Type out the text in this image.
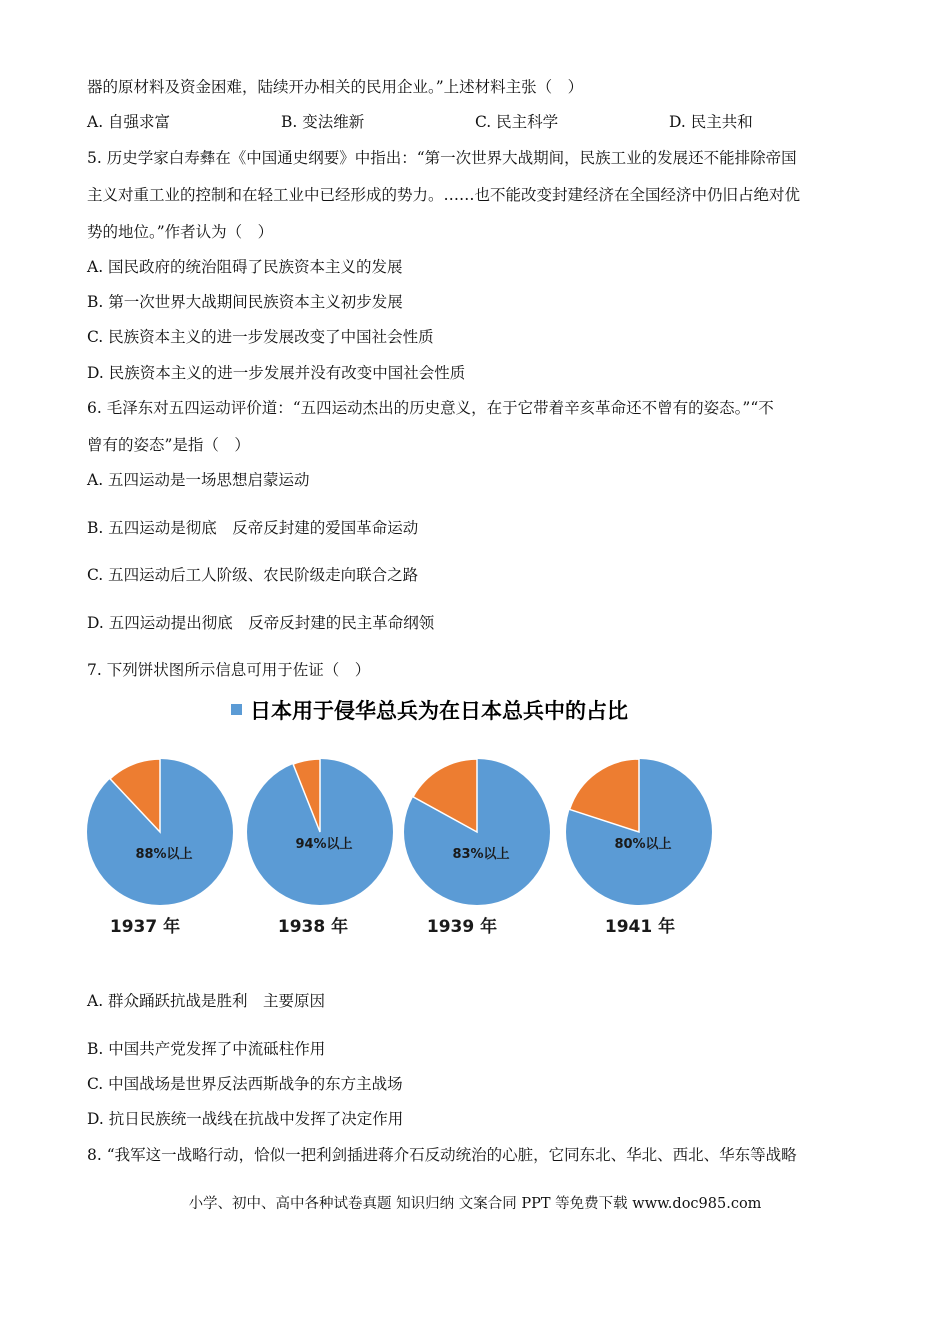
器的原材料及资金困难，陆续开办相关的民用企业。”上述材料主张（　）
A. 自强求富	B. 变法维新	C. 民主科学	D. 民主共和
5. 历史学家白寿彝在《中国通史纲要》中指出：“第一次世界大战期间，民族工业的发展还不能排除帝国
主义对重工业的控制和在轻工业中已经形成的势力。……也不能改变封建经济在全国经济中仍旧占绝对优
势的地位。”作者认为（　）
A. 国民政府的统治阻碍了民族资本主义的发展
B. 第一次世界大战期间民族资本主义初步发展
C. 民族资本主义的进一步发展改变了中国社会性质
D. 民族资本主义的进一步发展并没有改变中国社会性质
6. 毛泽东对五四运动评价道：“五四运动杰出的历史意义，在于它带着辛亥革命还不曾有的姿态。”“不
曾有的姿态”是指（　）
A. 五四运动是一场思想启蒙运动
B. 五四运动是彻底　反帝反封建的爱国革命运动
C. 五四运动后工人阶级、农民阶级走向联合之路
D. 五四运动提出彻底　反帝反封建的民主革命纲领
7. 下列饼状图所示信息可用于佐证（　）
日本用于侵华总兵为在日本总兵中的占比
88%以上
1937 年
94%以上
1938 年
83%以上
1939 年
80%以上
1941 年
A. 群众踊跃抗战是胜利　主要原因
B. 中国共产党发挥了中流砥柱作用
C. 中国战场是世界反法西斯战争的东方主战场
D. 抗日民族统一战线在抗战中发挥了决定作用
8. “我军这一战略行动，恰似一把利剑插进蒋介石反动统治的心脏，它同东北、华北、西北、华东等战略
小学、初中、高中各种试卷真题 知识归纳 文案合同 PPT 等免费下载 www.doc985.com
